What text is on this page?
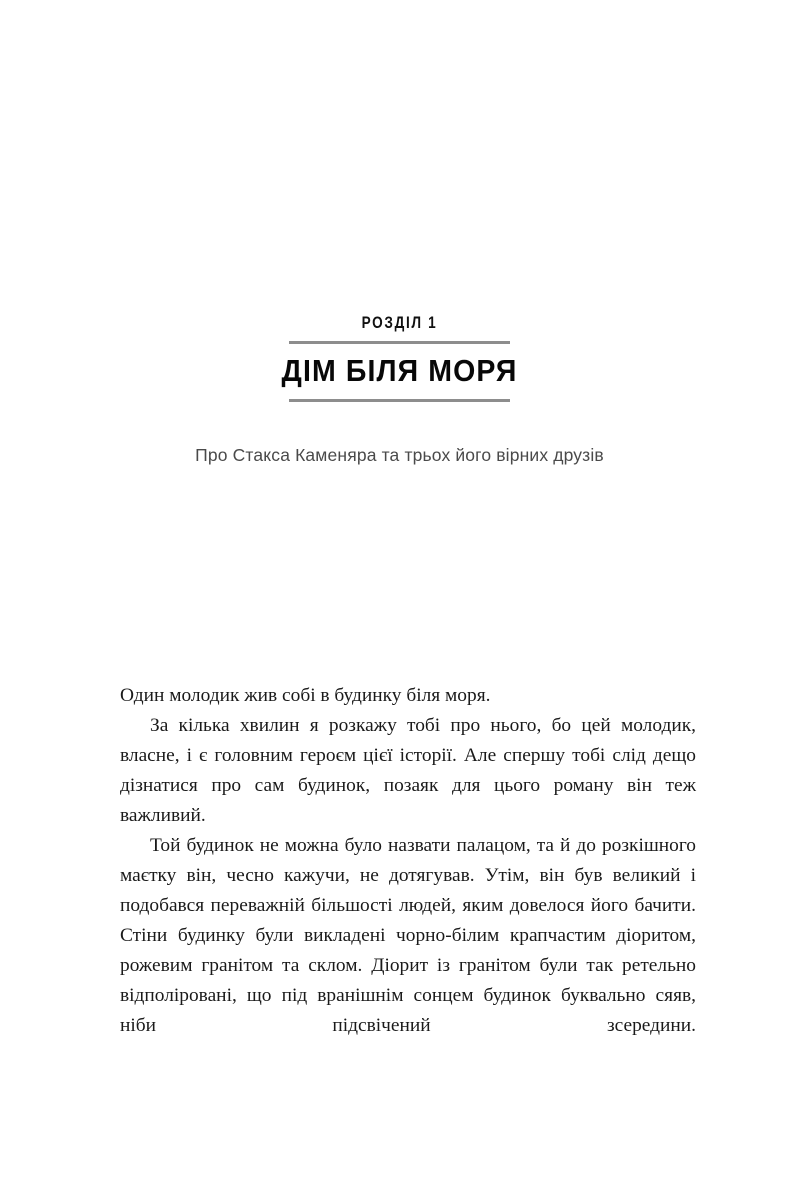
РОЗДІЛ 1
ДІМ БІЛЯ МОРЯ

Про Стакса Каменяра та трьох його вірних друзів

Один молодик жив собі в будинку біля моря.

За кілька хвилин я розкажу тобі про нього, бо цей молодик, власне, і є головним героєм цієї історії. Але спершу тобі слід дещо дізнатися про сам будинок, позаяк для цього роману він теж важливий.

Той будинок не можна було назвати палацом, та й до розкішного маєтку він, чесно кажучи, не дотягував. Утім, він був великий і подобався переважній більшості людей, яким довелося його бачити. Стіни будинку були викладені чорно-білим крапчастим діоритом, рожевим гранітом та склом. Діорит із гранітом були так ретельно відполіровані, що під вранішнім сонцем будинок буквально сяяв, ніби підсвічений зсередини.
